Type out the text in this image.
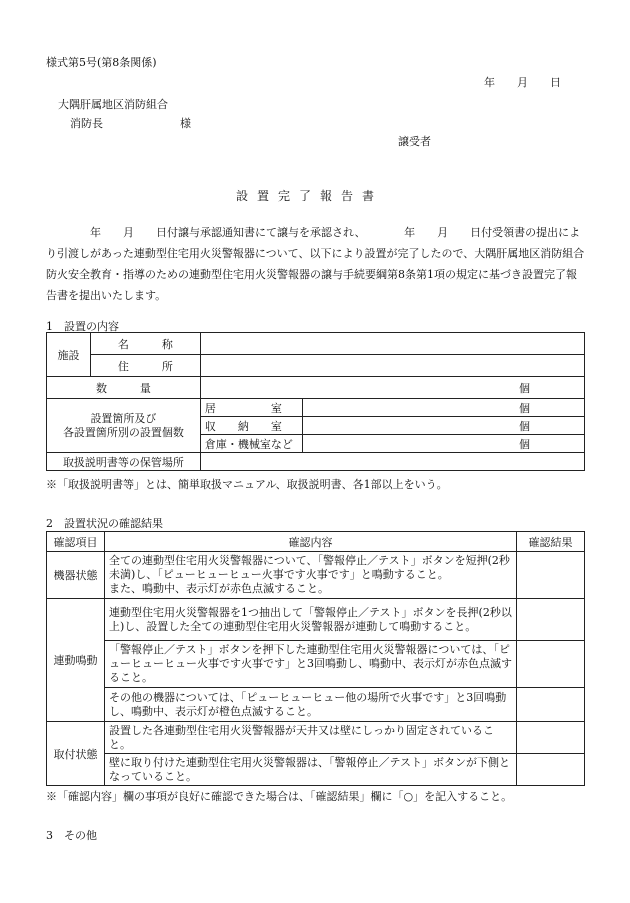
様式第5号(第8条関係)
年　　月　　日
大隅肝属地区消防組合
消防長　　　　　　　様
譲受者
設置完了報告書
　　　　年　　月　　日付譲与承認通知書にて譲与を承認され、　　　　年　　月　　日付受領書の提出により引渡しがあった連動型住宅用火災警報器について、以下により設置が完了したので、大隅肝属地区消防組合防火安全教育・指導のための連動型住宅用火災警報器の譲与手続要綱第8条第1項の規定に基づき設置完了報告書を提出いたします。
1　設置の内容
施設	名　　　称		
	住　　　所		
数　　　量		個	

設置箇所及び
各設置箇所別の設置個数		居　　　　　室	個
		収　　納　　室	個
		倉庫・機械室など	個
取扱説明書等の保管場所			
※「取扱説明書等」とは、簡単取扱マニュアル、取扱説明書、各1部以上をいう。
2　設置状況の確認結果
確認項目	確認内容	確認結果
機器状態	全ての連動型住宅用火災警報器について、「警報停止／テスト」ボタンを短押(2秒未満)し、「ピューヒューヒュー火事です火事です」と鳴動すること。
また、鳴動中、表示灯が赤色点滅すること。	

連動鳴動	連動型住宅用火災警報器を1つ抽出して「警報停止／テスト」ボタンを長押(2秒以上)し、設置した全ての連動型住宅用火災警報器が連動して鳴動すること。	
	「警報停止／テスト」ボタンを押下した連動型住宅用火災警報器については、「ピューヒューヒュー火事です火事です」と3回鳴動し、鳴動中、表示灯が赤色点滅すること。	
	その他の機器については、「ピューヒューヒュー他の場所で火事です」と3回鳴動し、鳴動中、表示灯が橙色点滅すること。	
取付状態	設置した各連動型住宅用火災警報器が天井又は壁にしっかり固定されていること。	
	壁に取り付けた連動型住宅用火災警報器は、「警報停止／テスト」ボタンが下側となっていること。	
※「確認内容」欄の事項が良好に確認できた場合は、「確認結果」欄に「○」を記入すること。
3　その他
